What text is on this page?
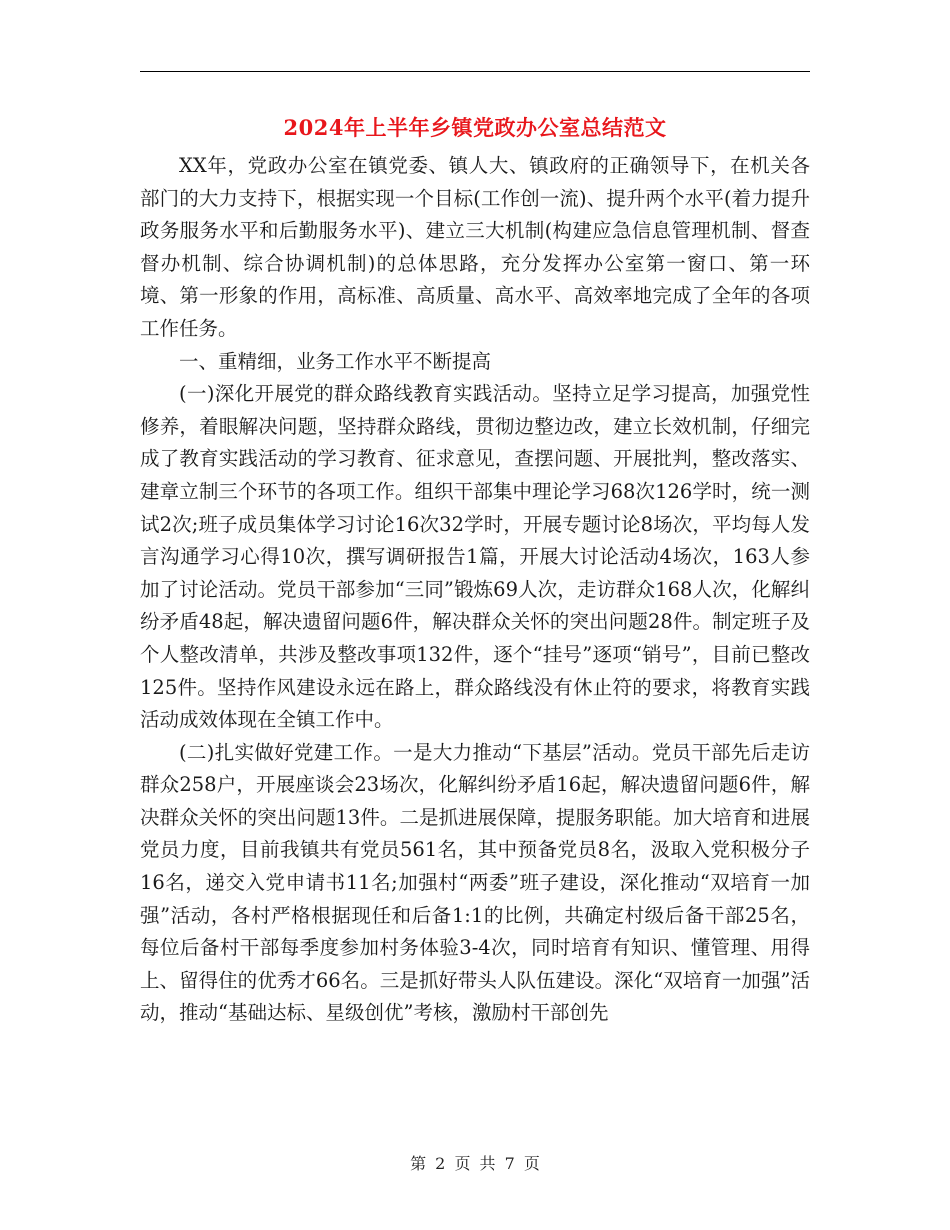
2024年上半年乡镇党政办公室总结范文

XX年，党政办公室在镇党委、镇人大、镇政府的正确领导下，在机关各部门的大力支持下，根据实现一个目标(工作创一流)、提升两个水平(着力提升政务服务水平和后勤服务水平)、建立三大机制(构建应急信息管理机制、督查督办机制、综合协调机制)的总体思路，充分发挥办公室第一窗口、第一环境、第一形象的作用，高标准、高质量、高水平、高效率地完成了全年的各项工作任务。

一、重精细，业务工作水平不断提高

(一)深化开展党的群众路线教育实践活动。坚持立足学习提高，加强党性修养，着眼解决问题，坚持群众路线，贯彻边整边改，建立长效机制，仔细完成了教育实践活动的学习教育、征求意见，查摆问题、开展批判，整改落实、建章立制三个环节的各项工作。组织干部集中理论学习68次126学时，统一测试2次;班子成员集体学习讨论16次32学时，开展专题讨论8场次，平均每人发言沟通学习心得10次，撰写调研报告1篇，开展大讨论活动4场次，163人参加了讨论活动。党员干部参加“三同”锻炼69人次，走访群众168人次，化解纠纷矛盾48起，解决遗留问题6件，解决群众关怀的突出问题28件。制定班子及个人整改清单，共涉及整改事项132件，逐个“挂号”逐项“销号”，目前已整改125件。坚持作风建设永远在路上，群众路线没有休止符的要求，将教育实践活动成效体现在全镇工作中。

(二)扎实做好党建工作。一是大力推动“下基层”活动。党员干部先后走访群众258户，开展座谈会23场次，化解纠纷矛盾16起，解决遗留问题6件，解决群众关怀的突出问题13件。二是抓进展保障，提服务职能。加大培育和进展党员力度，目前我镇共有党员561名，其中预备党员8名，汲取入党积极分子16名，递交入党申请书11名;加强村“两委”班子建设，深化推动“双培育一加强”活动，各村严格根据现任和后备1:1的比例，共确定村级后备干部25名，每位后备村干部每季度参加村务体验3-4次，同时培育有知识、懂管理、用得上、留得住的优秀才66名。三是抓好带头人队伍建设。深化“双培育一加强”活动，推动“基础达标、星级创优”考核，激励村干部创先

第 2 页 共 7 页
